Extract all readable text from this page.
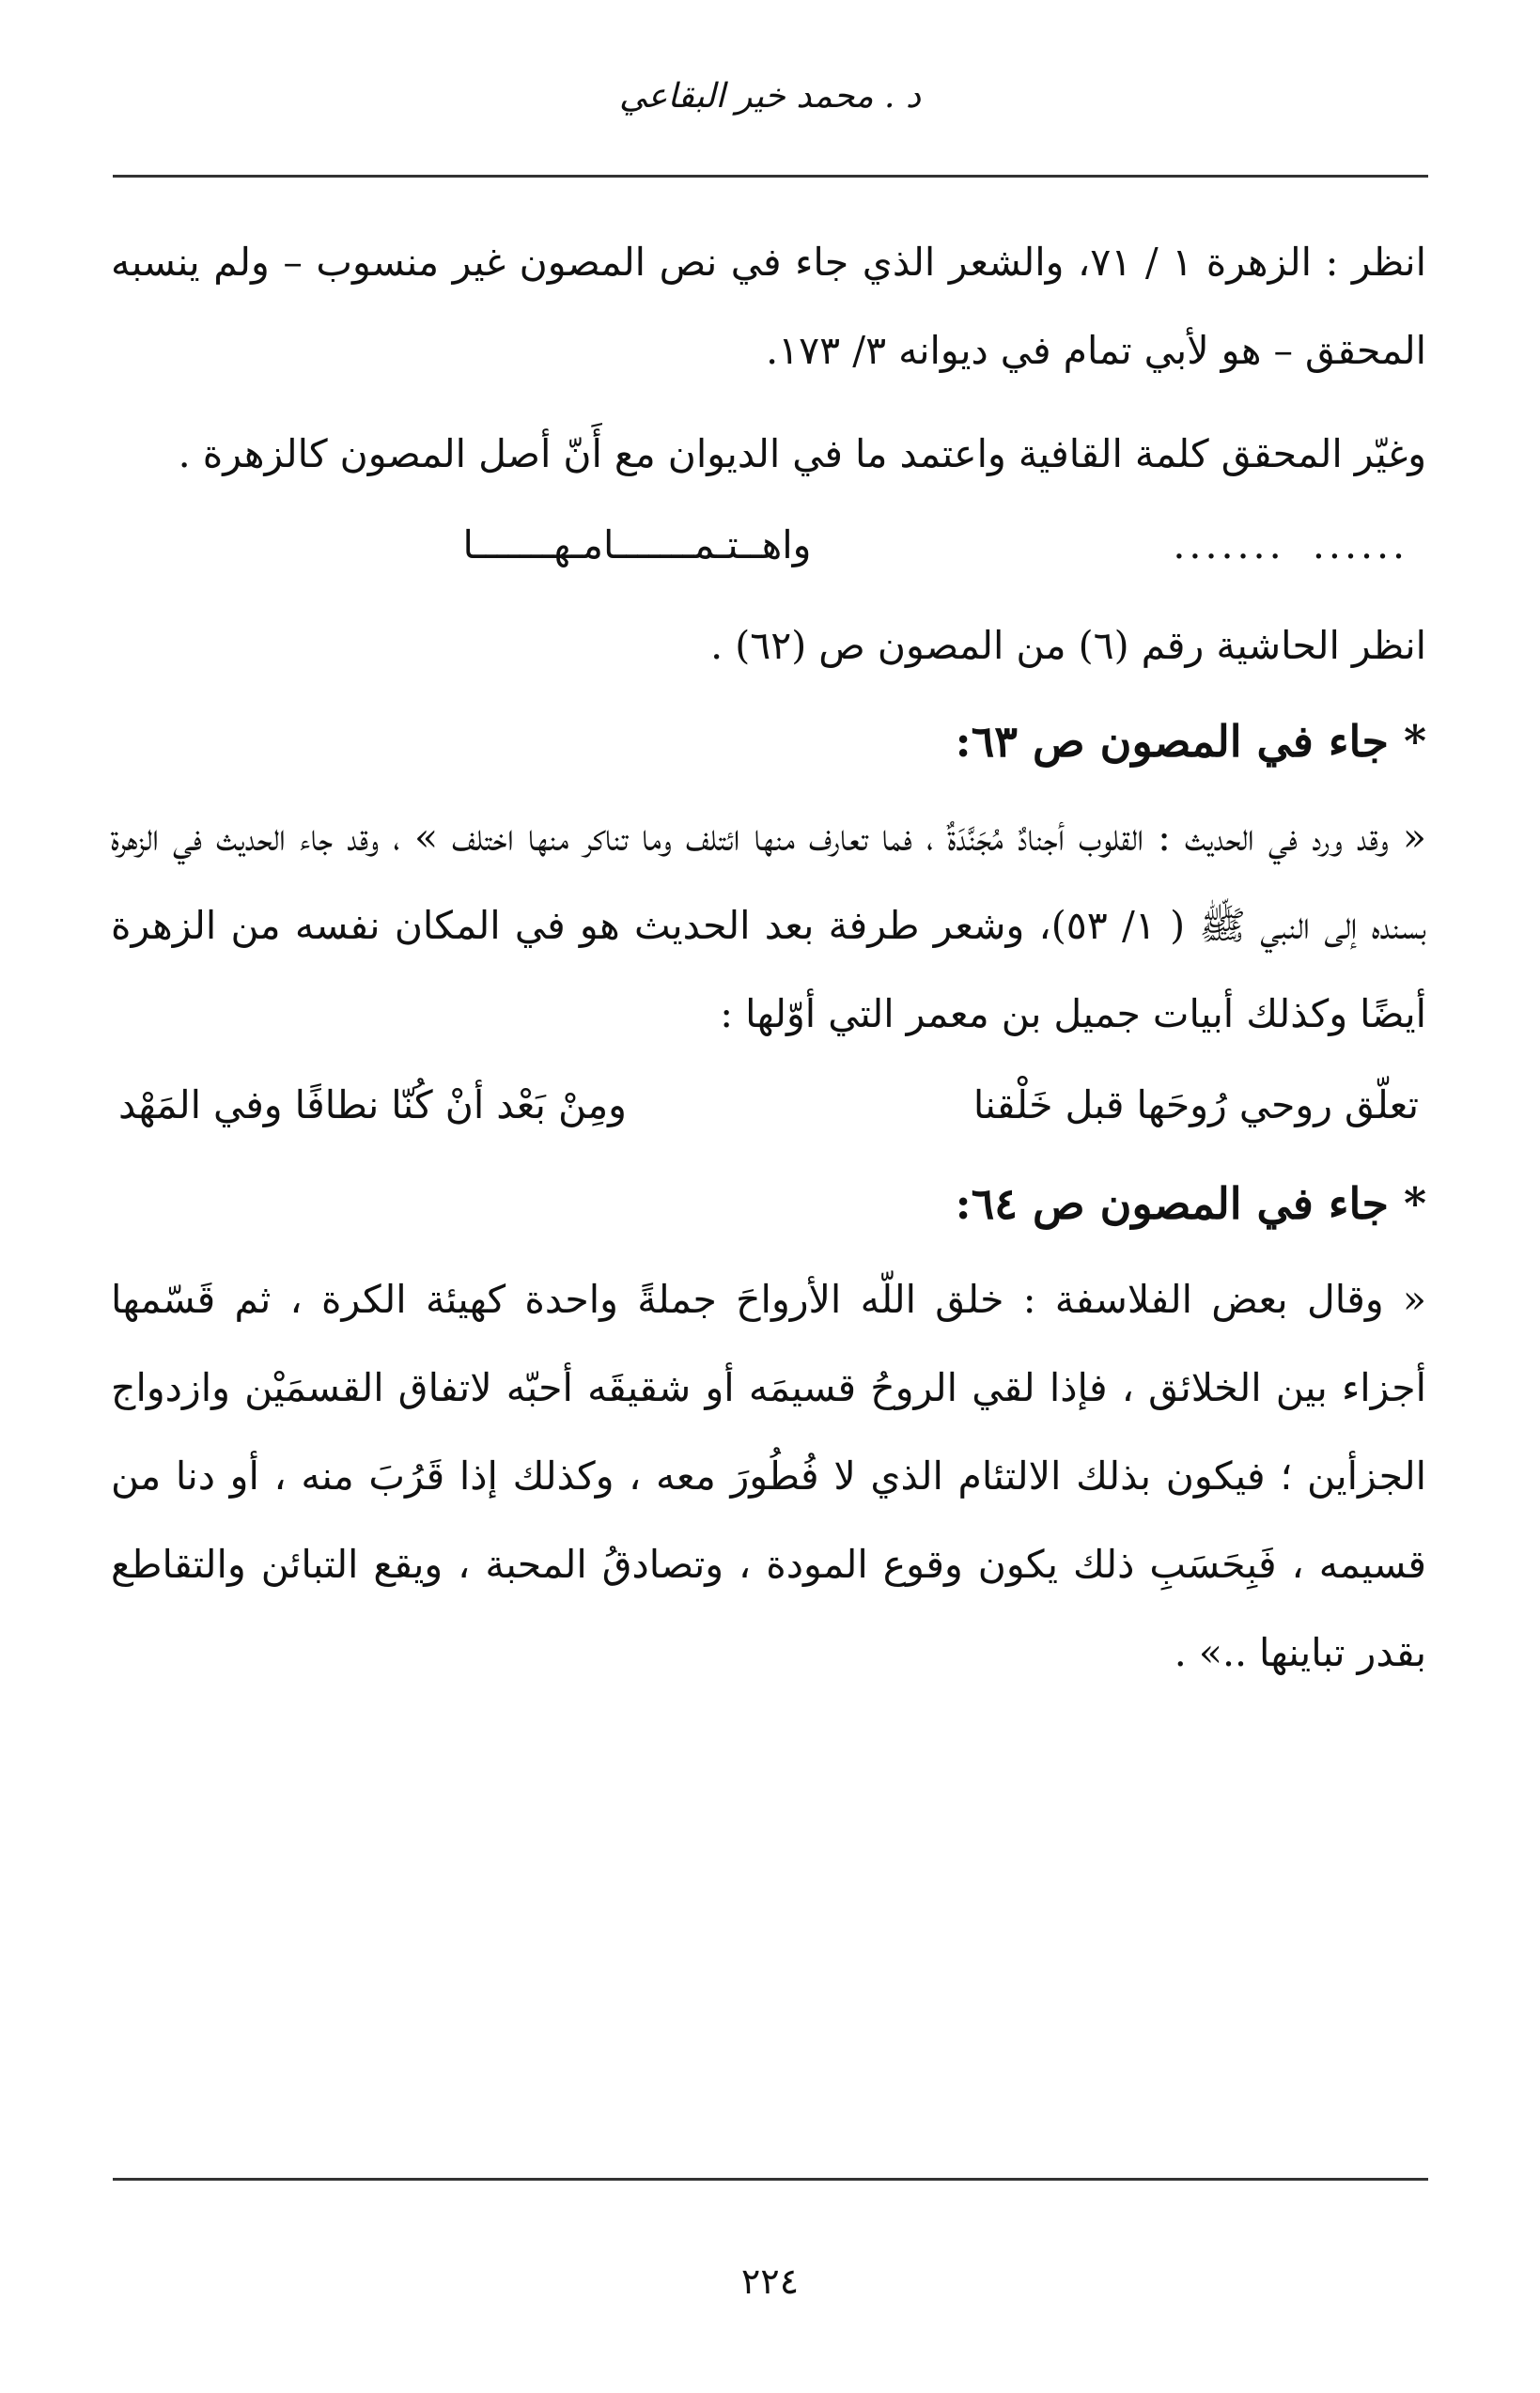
د . محمد خير البقاعي

انظر : الزهرة ١ / ٧١، والشعر الذي جاء في نص المصون غير منسوب – ولم ينسبه المحقق – هو لأبي تمام في ديوانه ٣/ ١٧٣.

وغيّر المحقق كلمة القافية واعتمد ما في الديوان مع أَنّ أصل المصون كالزهرة .

......
.......
واهــتـمـــــــامـهـــــــا

انظر الحاشية رقم (٦) من المصون ص (٦٢) .

* جاء في المصون ص ٦٣:

« وقد ورد في الحديث : القلوب أجنادٌ مُجَنَّدَةٌ ، فما تعارف منها ائتلف وما تناكر منها اختلف » ، وقد جاء الحديث في الزهرة بسنده إلى النبي ﷺ ( ١/ ٥٣)، وشعر طرفة بعد الحديث هو في المكان نفسه من الزهرة أيضًا وكذلك أبيات جميل بن معمر التي أوّلها :

تعلّق روحي رُوحَها قبل خَلْقنا
ومِنْ بَعْد أنْ كُنّا نطافًا وفي المَهْد

* جاء في المصون ص ٦٤:

« وقال بعض الفلاسفة : خلق اللّه الأرواحَ جملةً واحدة كهيئة الكرة ، ثم قَسّمها أجزاء بين الخلائق ، فإذا لقي الروحُ قسيمَه أو شقيقَه أحبّه لاتفاق القسمَيْن وازدواج الجزأين ؛ فيكون بذلك الالتئام الذي لا فُطُورَ معه ، وكذلك إذا قَرُبَ منه ، أو دنا من قسيمه ، فَبِحَسَبِ ذلك يكون وقوع المودة ، وتصادقُ المحبة ، ويقع التبائن والتقاطع بقدر تباينها ..» .

٢٢٤
